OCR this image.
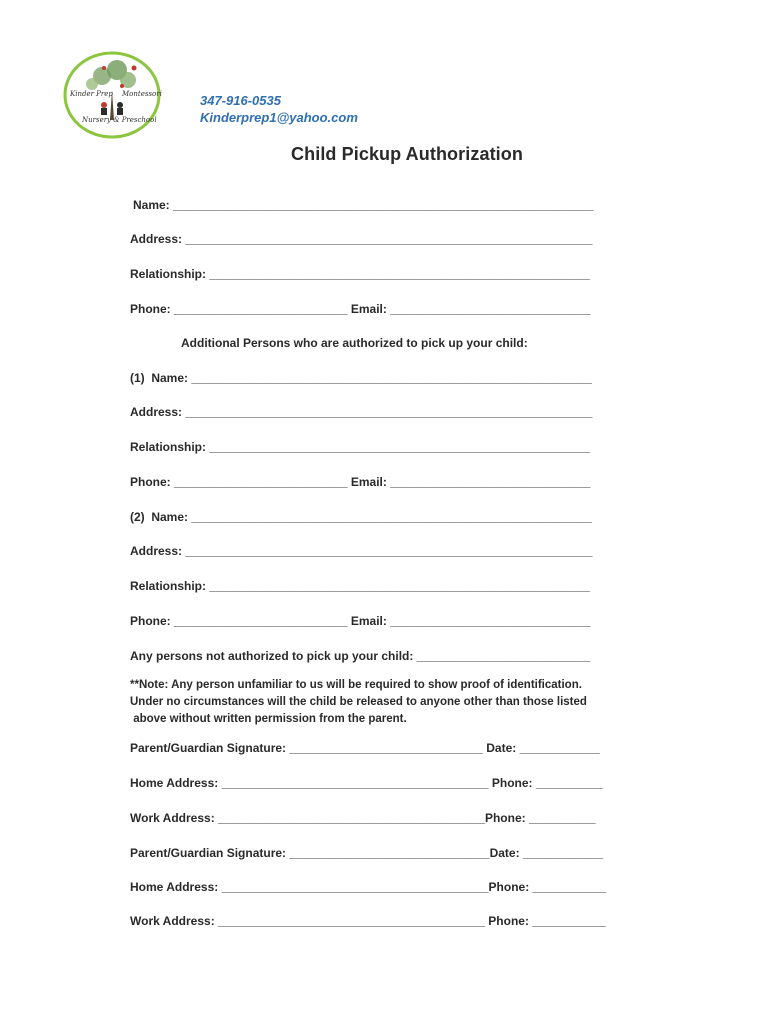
Kinder Prep Montessori
Nursery & Preschool
347-916-0535
Kinderprep1@yahoo.com
Child Pickup Authorization
Name: _______________________________________________________________
Address: _____________________________________________________________
Relationship: _________________________________________________________
Phone: __________________________ Email: ______________________________
Additional Persons who are authorized to pick up your child:
(1)  Name: ____________________________________________________________
Address: _____________________________________________________________
Relationship: _________________________________________________________
Phone: __________________________ Email: ______________________________
(2)  Name: ____________________________________________________________
Address: _____________________________________________________________
Relationship: _________________________________________________________
Phone: __________________________ Email: ______________________________
Any persons not authorized to pick up your child: __________________________
**Note: Any person unfamiliar to us will be required to show proof of identification.
Under no circumstances will the child be released to anyone other than those listed
above without written permission from the parent.
Parent/Guardian Signature: _____________________________ Date: ____________
Home Address: ________________________________________ Phone: __________
Work Address: ________________________________________Phone: __________
Parent/Guardian Signature: ______________________________Date: ____________
Home Address: ________________________________________Phone: ___________
Work Address: ________________________________________ Phone: ___________
